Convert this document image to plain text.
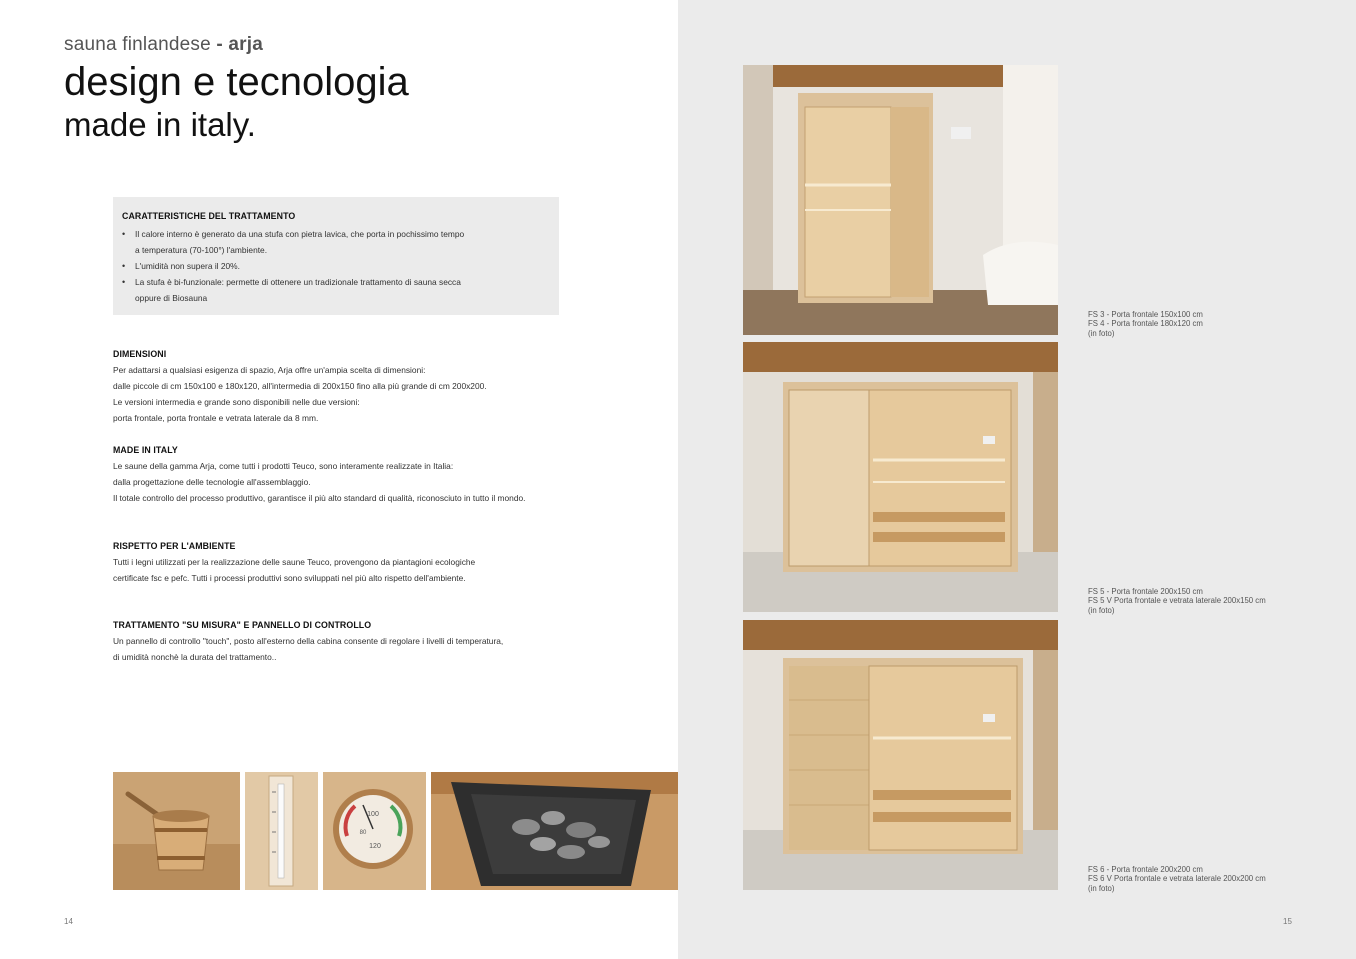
sauna finlandese - arja
design e tecnologia
made in italy.
CARATTERISTICHE DEL TRATTAMENTO
• Il calore interno è generato da una stufa con pietra lavica, che porta in pochissimo tempo
a temperatura (70-100°) l'ambiente.
• L'umidità non supera il 20%.
• La stufa è bi-funzionale: permette di ottenere un tradizionale trattamento di sauna secca
oppure di Biosauna
DIMENSIONI
Per adattarsi a qualsiasi esigenza di spazio, Arja offre un'ampia scelta di dimensioni:
dalle piccole di cm 150x100 e 180x120, all'intermedia di 200x150 fino alla più grande di cm 200x200.
Le versioni intermedia e grande sono disponibili nelle due versioni:
porta frontale, porta frontale e vetrata laterale da 8 mm.
MADE IN ITALY
Le saune della gamma Arja, come tutti i prodotti Teuco, sono interamente realizzate in Italia:
dalla progettazione delle tecnologie all'assemblaggio.
Il totale controllo del processo produttivo, garantisce il più alto standard di qualità, riconosciuto in tutto il mondo.
RISPETTO PER L'AMBIENTE
Tutti i legni utilizzati per la realizzazione delle saune Teuco, provengono da piantagioni ecologiche
certificate fsc e pefc. Tutti i processi produttivi sono sviluppati nel più alto rispetto dell'ambiente.
TRATTAMENTO "SU MISURA" E PANNELLO DI CONTROLLO
Un pannello di controllo "touch", posto all'esterno della cabina consente di regolare i livelli di temperatura,
di umidità nonchè la durata del trattamento..
100
80
120
14	15
FS 3 - Porta frontale 150x100 cm
FS 4 - Porta frontale 180x120 cm
(in foto)
FS 5 - Porta frontale 200x150 cm
FS 5 V Porta frontale e vetrata laterale 200x150 cm
(in foto)
FS 6 - Porta frontale 200x200 cm
FS 6 V Porta frontale e vetrata laterale 200x200 cm
(in foto)
